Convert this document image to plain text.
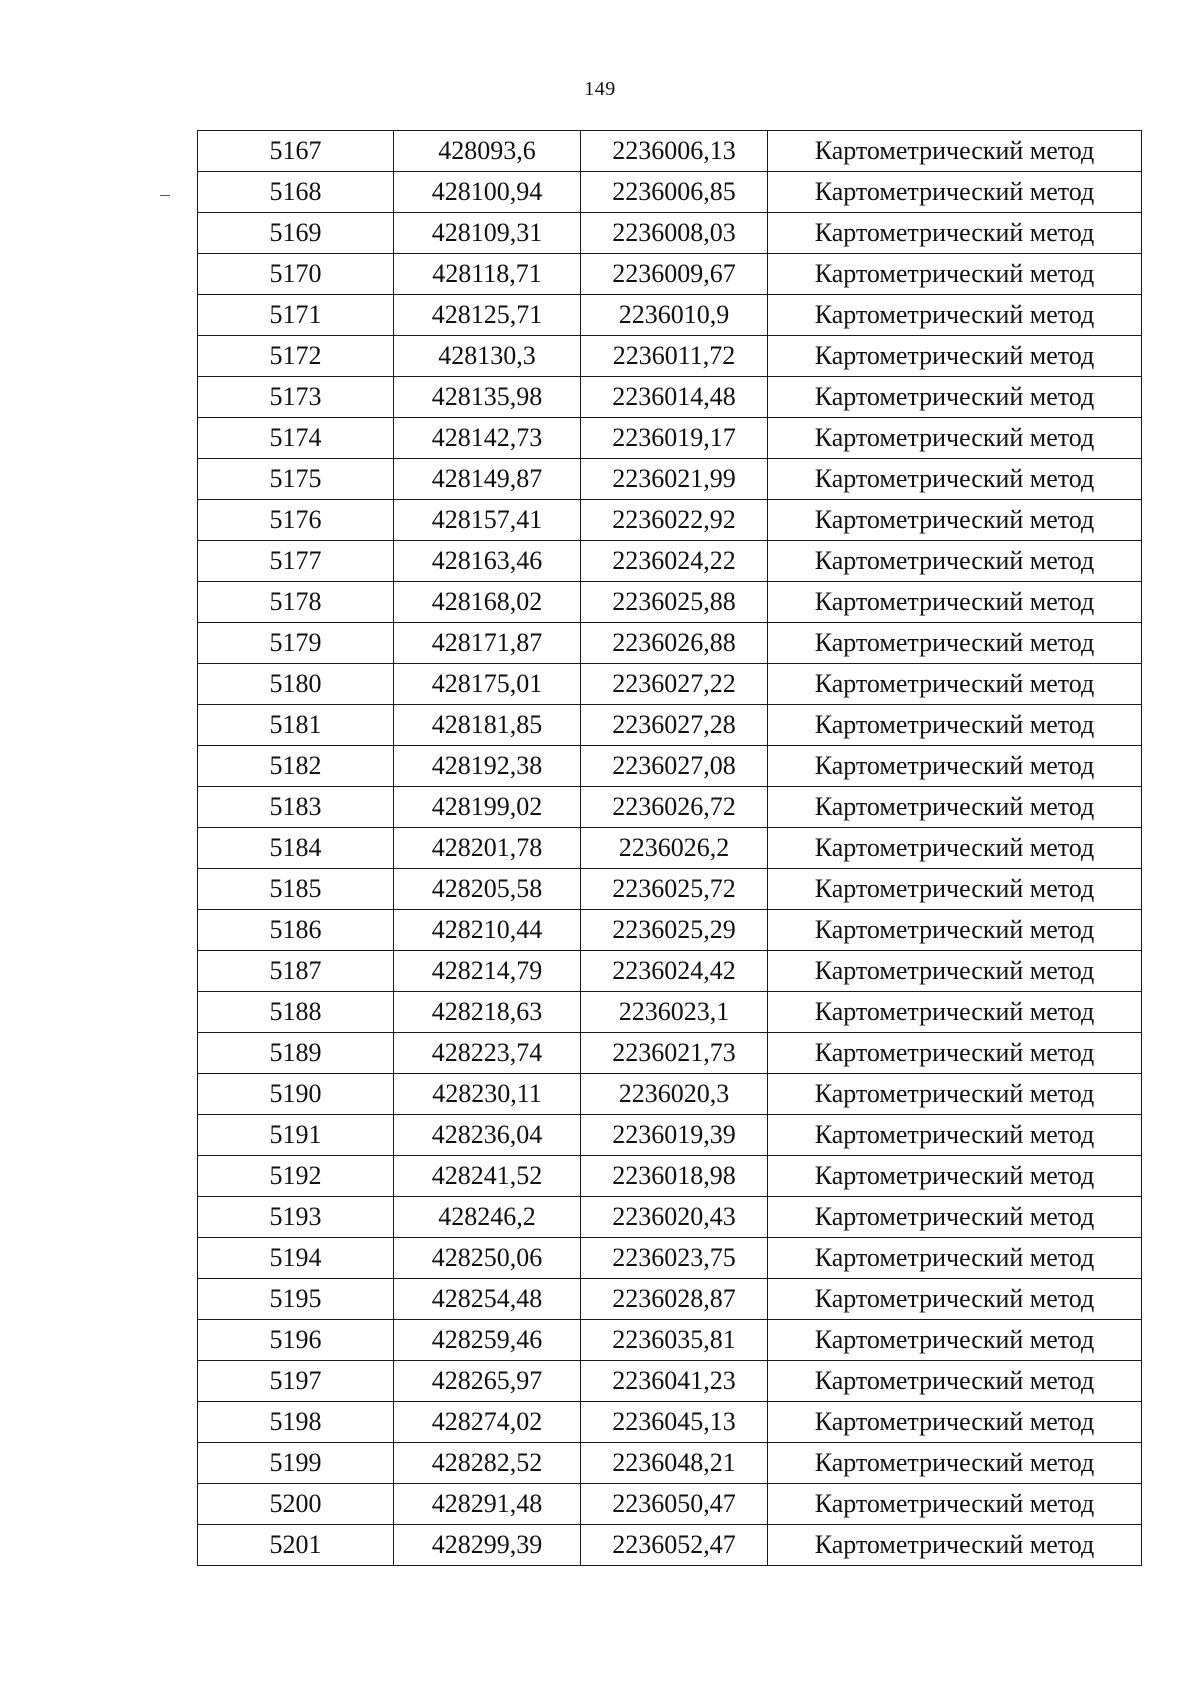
149
5167	428093,6	2236006,13	Картометрический метод
5168	428100,94	2236006,85	Картометрический метод
5169	428109,31	2236008,03	Картометрический метод
5170	428118,71	2236009,67	Картометрический метод
5171	428125,71	2236010,9	Картометрический метод
5172	428130,3	2236011,72	Картометрический метод
5173	428135,98	2236014,48	Картометрический метод
5174	428142,73	2236019,17	Картометрический метод
5175	428149,87	2236021,99	Картометрический метод
5176	428157,41	2236022,92	Картометрический метод
5177	428163,46	2236024,22	Картометрический метод
5178	428168,02	2236025,88	Картометрический метод
5179	428171,87	2236026,88	Картометрический метод
5180	428175,01	2236027,22	Картометрический метод
5181	428181,85	2236027,28	Картометрический метод
5182	428192,38	2236027,08	Картометрический метод
5183	428199,02	2236026,72	Картометрический метод
5184	428201,78	2236026,2	Картометрический метод
5185	428205,58	2236025,72	Картометрический метод
5186	428210,44	2236025,29	Картометрический метод
5187	428214,79	2236024,42	Картометрический метод
5188	428218,63	2236023,1	Картометрический метод
5189	428223,74	2236021,73	Картометрический метод
5190	428230,11	2236020,3	Картометрический метод
5191	428236,04	2236019,39	Картометрический метод
5192	428241,52	2236018,98	Картометрический метод
5193	428246,2	2236020,43	Картометрический метод
5194	428250,06	2236023,75	Картометрический метод
5195	428254,48	2236028,87	Картометрический метод
5196	428259,46	2236035,81	Картометрический метод
5197	428265,97	2236041,23	Картометрический метод
5198	428274,02	2236045,13	Картометрический метод
5199	428282,52	2236048,21	Картометрический метод
5200	428291,48	2236050,47	Картометрический метод
5201	428299,39	2236052,47	Картометрический метод
